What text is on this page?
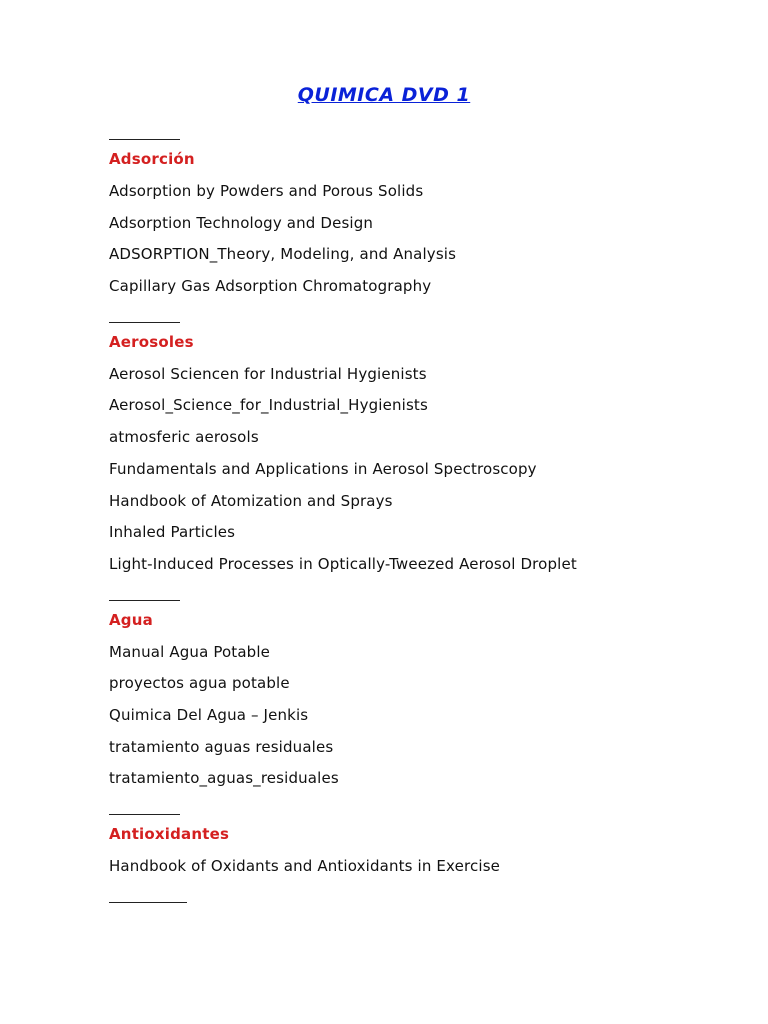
QUIMICA DVD 1
Adsorción
Adsorption by Powders and Porous Solids
Adsorption Technology and Design
ADSORPTION_Theory, Modeling, and Analysis
Capillary Gas Adsorption Chromatography
Aerosoles
Aerosol Sciencen for Industrial Hygienists
Aerosol_Science_for_Industrial_Hygienists
atmosferic aerosols
Fundamentals and Applications in Aerosol Spectroscopy
Handbook of Atomization and Sprays
Inhaled Particles
Light-Induced Processes in Optically-Tweezed Aerosol Droplet
Agua
Manual Agua Potable
proyectos agua potable
Quimica Del Agua – Jenkis
tratamiento aguas residuales
tratamiento_aguas_residuales
Antioxidantes
Handbook of Oxidants and Antioxidants in Exercise
